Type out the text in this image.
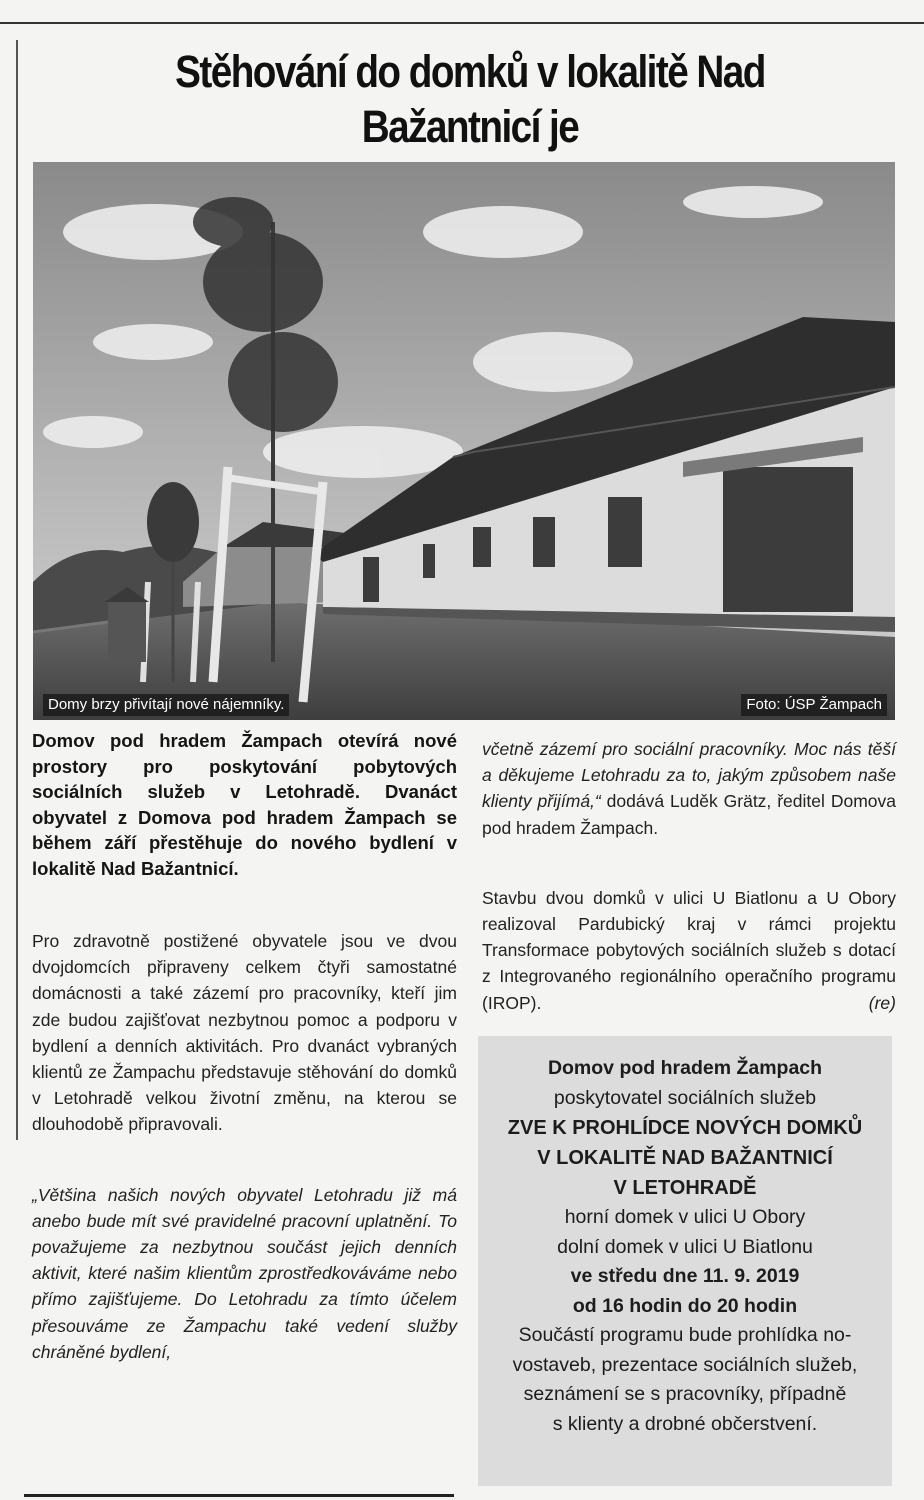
Stěhování do domků v lokalitě Nad Bažantnicí je

Domy brzy přivítají nové nájemníky.	Foto: ÚSP Žampach

Domov pod hradem Žampach otevírá nové prostory pro poskytování pobytových sociálních služeb v Letohradě. Dvanáct obyvatel z Domova pod hradem Žampach se během září přestěhuje do nového bydlení v lokalitě Nad Bažantnicí.

Pro zdravotně postižené obyvatele jsou ve dvou dvojdomcích připraveny celkem čtyři samostatné domácnosti a také zázemí pro pracovníky, kteří jim zde budou zajišťovat nezbytnou pomoc a podporu v bydlení a denních aktivitách. Pro dvanáct vybraných klientů ze Žampachu představuje stěhování do domků v Letohradě velkou životní změnu, na kterou se dlouhodobě připravovali.

„Většina našich nových obyvatel Letohradu již má anebo bude mít své pravidelné pracovní uplatnění. To považujeme za nezbytnou součást jejich denních aktivit, které našim klientům zprostředkováváme nebo přímo zajišťujeme. Do Letohradu za tímto účelem přesouváme ze Žampachu také vedení služby chráněné bydlení,

včetně zázemí pro sociální pracovníky. Moc nás těší a děkujeme Letohradu za to, jakým způsobem naše klienty přijímá,“ dodává Luděk Grätz, ředitel Domova pod hradem Žampach.

Stavbu dvou domků v ulici U Biatlonu a U Obory realizoval Pardubický kraj v rámci projektu Transformace pobytových sociálních služeb s dotací z Integrovaného regionálního operačního programu (IROP).	(re)

Domov pod hradem Žampach
poskytovatel sociálních služeb
ZVE K PROHLÍDCE NOVÝCH DOMKŮ
V LOKALITĚ NAD BAŽANTNICÍ
V LETOHRADĚ
horní domek v ulici U Obory
dolní domek v ulici U Biatlonu
ve středu dne 11. 9. 2019
od 16 hodin do 20 hodin
Součástí programu bude prohlídka no-
vostaveb, prezentace sociálních služeb,
seznámení se s pracovníky, případně
s klienty a drobné občerstvení.
